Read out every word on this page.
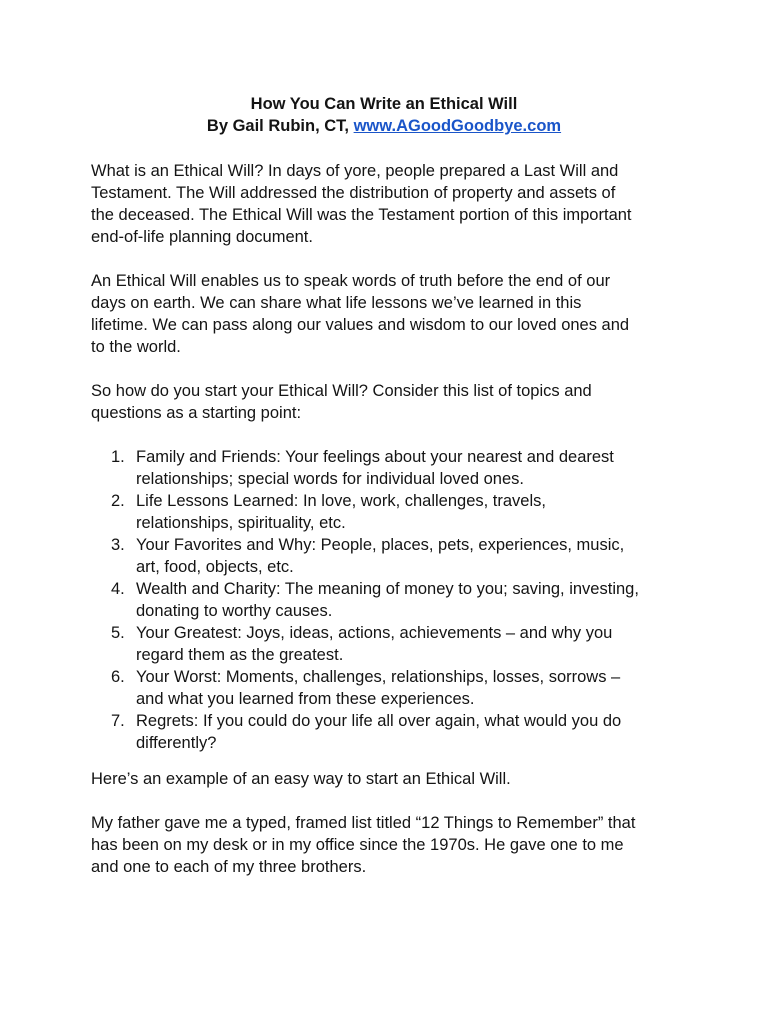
How You Can Write an Ethical Will
By Gail Rubin, CT, www.AGoodGoodbye.com

What is an Ethical Will? In days of yore, people prepared a Last Will and
Testament. The Will addressed the distribution of property and assets of
the deceased. The Ethical Will was the Testament portion of this important
end-of-life planning document.

An Ethical Will enables us to speak words of truth before the end of our
days on earth. We can share what life lessons we’ve learned in this
lifetime. We can pass along our values and wisdom to our loved ones and
to the world.

So how do you start your Ethical Will? Consider this list of topics and
questions as a starting point:

1. Family and Friends: Your feelings about your nearest and dearest
relationships; special words for individual loved ones.
2. Life Lessons Learned: In love, work, challenges, travels,
relationships, spirituality, etc.
3. Your Favorites and Why: People, places, pets, experiences, music,
art, food, objects, etc.
4. Wealth and Charity: The meaning of money to you; saving, investing,
donating to worthy causes.
5. Your Greatest: Joys, ideas, actions, achievements – and why you
regard them as the greatest.
6. Your Worst: Moments, challenges, relationships, losses, sorrows –
and what you learned from these experiences.
7. Regrets: If you could do your life all over again, what would you do
differently?

Here’s an example of an easy way to start an Ethical Will.

My father gave me a typed, framed list titled “12 Things to Remember” that
has been on my desk or in my office since the 1970s. He gave one to me
and one to each of my three brothers.
